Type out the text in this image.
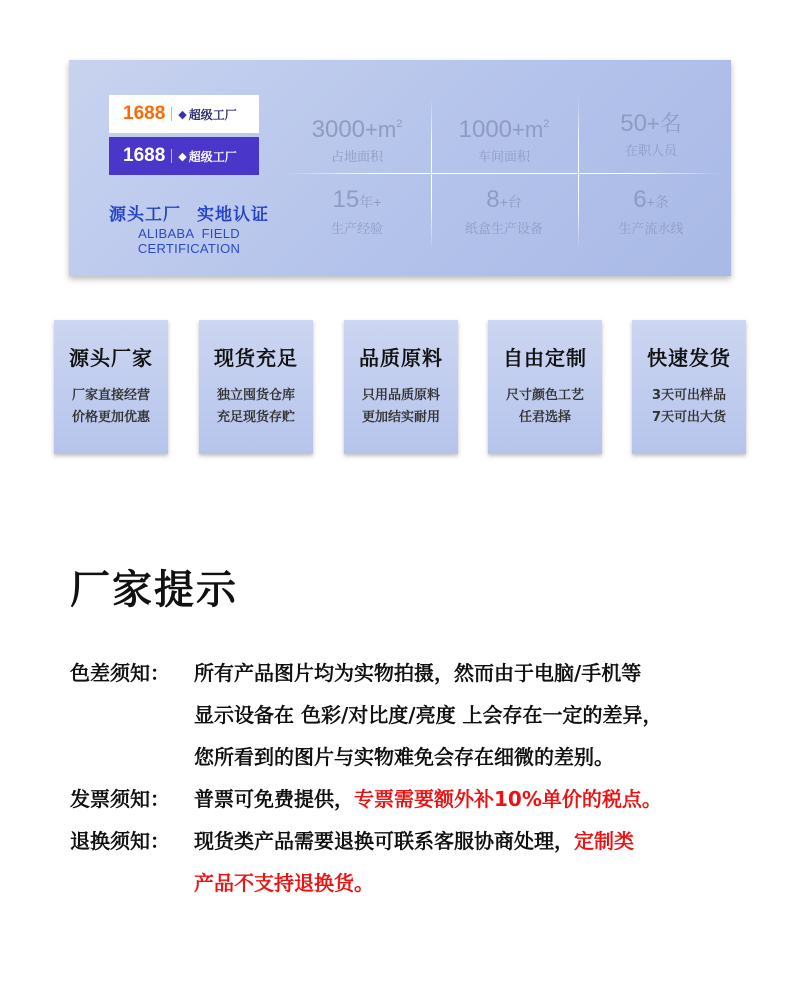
1688 ◆ 超级工厂
1688 ◆ 超级工厂
源头工厂 实地认证
ALIBABA FIELD CERTIFICATION
$3000+m^2$
占地面积
$1000+m^2$
车间面积
50+名
在职人员
15年+
生产经验
8+台
纸盒生产设备
6+条
生产流水线
源头厂家
厂家直接经营
价格更加优惠
现货充足
独立囤货仓库
充足现货存贮
品质原料
只用品质原料
更加结实耐用
自由定制
尺寸颜色工艺
任君选择
快速发货
3天可出样品
7天可出大货
厂家提示
色差须知： 所有产品图片均为实物拍摄，然而由于电脑/手机等
显示设备在 色彩/对比度/亮度 上会存在一定的差异，
您所看到的图片与实物难免会存在细微的差别。
发票须知： 普票可免费提供，专票需要额外补10%单价的税点。
退换须知： 现货类产品需要退换可联系客服协商处理，定制类
产品不支持退换货。
